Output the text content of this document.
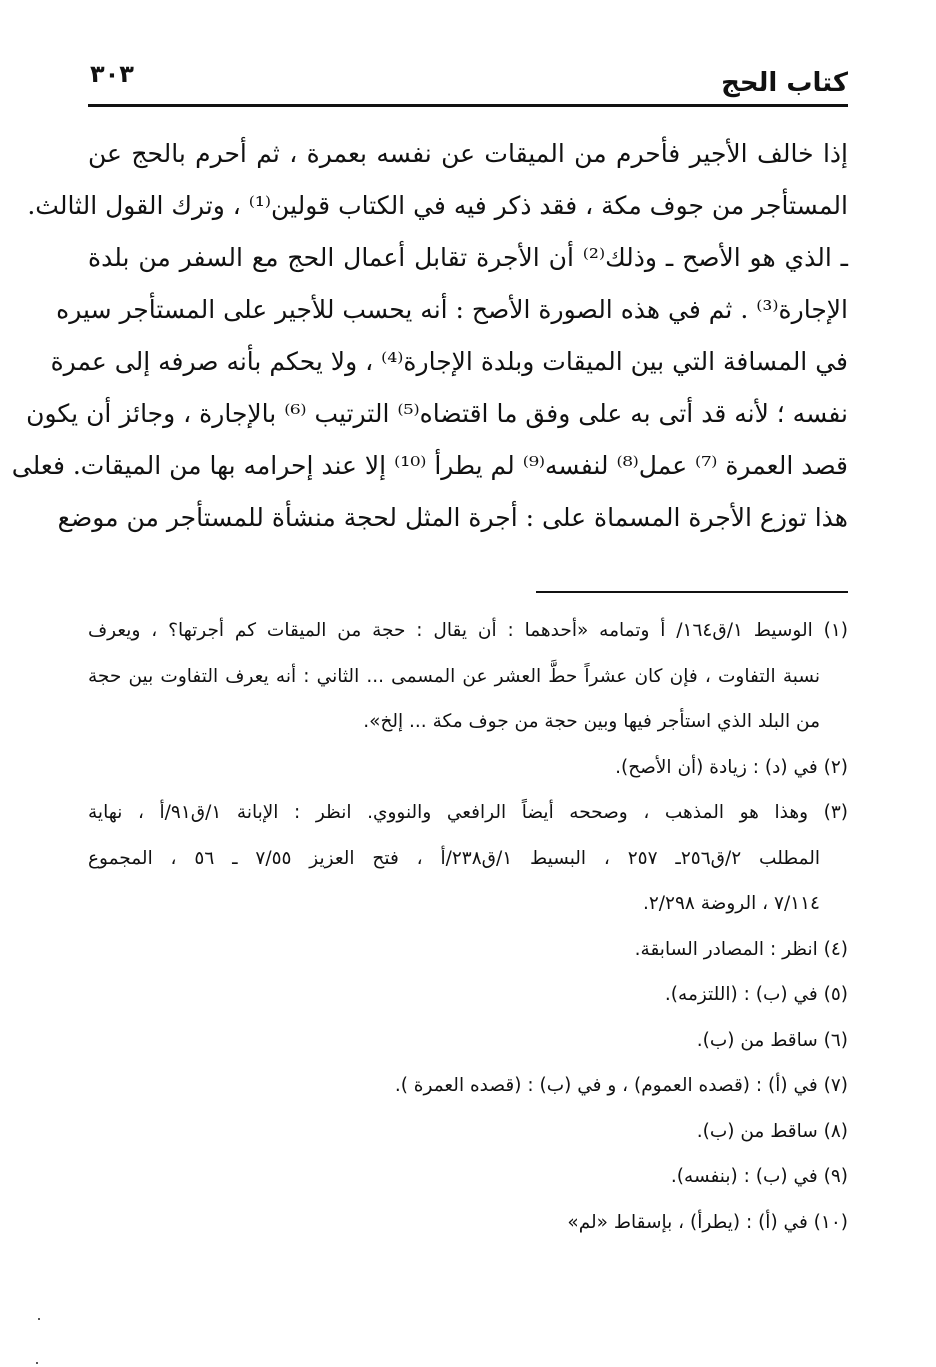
كتاب الحج
٣٠٣
إذا خالف الأجير فأحرم من الميقات عن نفسه بعمرة ، ثم أحرم بالحج عن
المستأجر من جوف مكة ، فقد ذكر فيه في الكتاب قولين⁽¹⁾ ، وترك القول الثالث.
ـ الذي هو الأصح ـ وذلك⁽²⁾ أن الأجرة تقابل أعمال الحج مع السفر من بلدة
الإجارة⁽³⁾ . ثم في هذه الصورة الأصح : أنه يحسب للأجير على المستأجر سيره
في المسافة التي بين الميقات وبلدة الإجارة⁽⁴⁾ ، ولا يحكم بأنه صرفه إلى عمرة
نفسه ؛ لأنه قد أتى به على وفق ما اقتضاه⁽⁵⁾ الترتيب ⁽⁶⁾ بالإجارة ، وجائز أن يكون
قصد العمرة ⁽⁷⁾ عمل⁽⁸⁾ لنفسه⁽⁹⁾ لم يطرأ ⁽¹⁰⁾ إلا عند إحرامه بها من الميقات. فعلى
هذا توزع الأجرة المسماة على : أجرة المثل لحجة منشأة للمستأجر من موضع
(١) الوسيط ١/ق١٦٤/ أ وتمامه «أحدهما : أن يقال : حجة من الميقات كم أجرتها؟ ، ويعرف
نسبة التفاوت ، فإن كان عشراً حطَّ العشر عن المسمى ... الثاني : أنه يعرف التفاوت بين حجة
من البلد الذي استأجر فيها وبين حجة من جوف مكة ... إلخ».
(٢) في (د) : زيادة (أن الأصح).
(٣) وهذا هو المذهب ، وصححه أيضاً الرافعي والنووي. انظر : الإبانة ١/ق٩١/أ ، نهاية
المطلب ٢/ق٢٥٦ـ ٢٥٧ ، البسيط ١/ق٢٣٨/أ ، فتح العزيز ٧/٥٥ ـ ٥٦ ، المجموع
٧/١١٤ ، الروضة ٢/٢٩٨.
(٤) انظر : المصادر السابقة.
(٥) في (ب) : (اللتزمه).
(٦) ساقط من (ب).
(٧) في (أ) : (قصده العموم) ، و في (ب) : (قصده العمرة ).
(٨) ساقط من (ب).
(٩) في (ب) : (بنفسه).
(١٠) في (أ) : (يطرأ) ، بإسقاط «لم»
